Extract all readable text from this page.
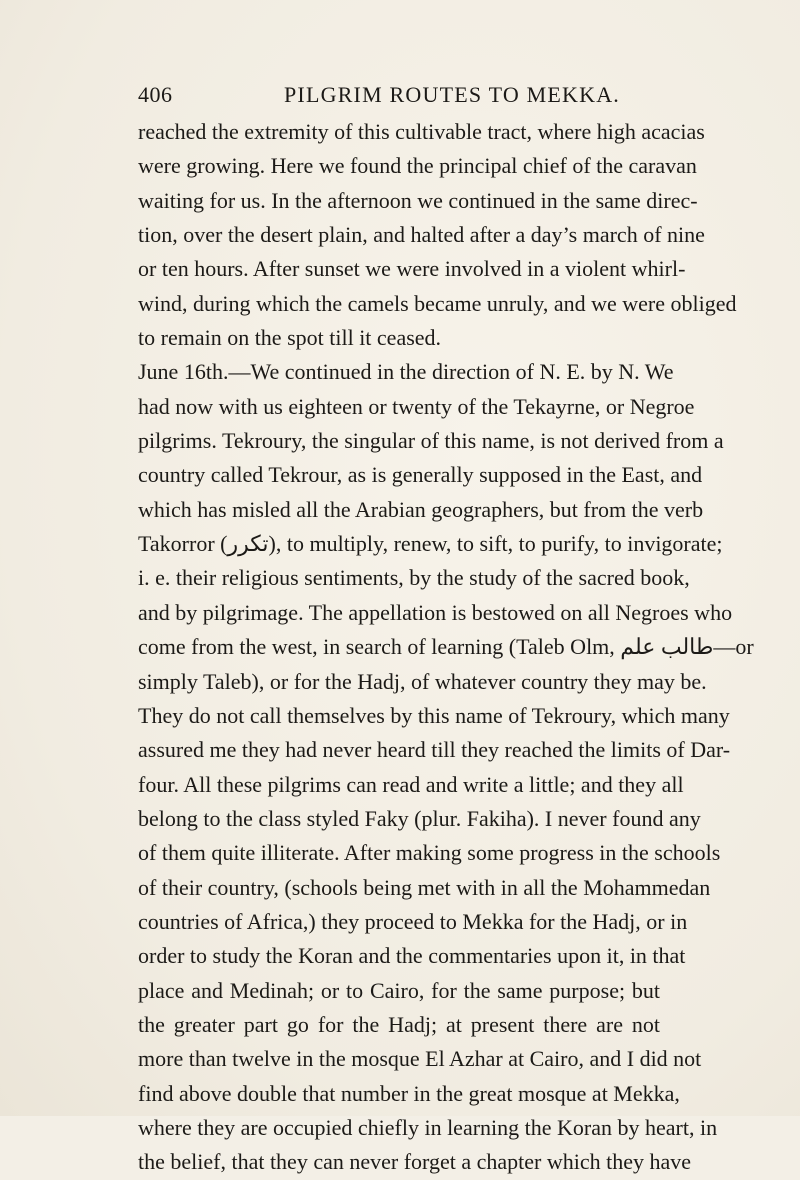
406	PILGRIM ROUTES TO MEKKA.
reached the extremity of this cultivable tract, where high acacias
were growing. Here we found the principal chief of the caravan
waiting for us. In the afternoon we continued in the same direc-
tion, over the desert plain, and halted after a day’s march of nine
or ten hours. After sunset we were involved in a violent whirl-
wind, during which the camels became unruly, and we were obliged
to remain on the spot till it ceased.
June 16th.—We continued in the direction of N. E. by N. We
had now with us eighteen or twenty of the Tekayrne, or Negroe
pilgrims. Tekroury, the singular of this name, is not derived from a
country called Tekrour, as is generally supposed in the East, and
which has misled all the Arabian geographers, but from the verb
Takorror (تكرر), to multiply, renew, to sift, to purify, to invigorate;
i. e. their religious sentiments, by the study of the sacred book,
and by pilgrimage. The appellation is bestowed on all Negroes who
come from the west, in search of learning (Taleb Olm, طالب علم—or
simply Taleb), or for the Hadj, of whatever country they may be.
They do not call themselves by this name of Tekroury, which many
assured me they had never heard till they reached the limits of Dar-
four. All these pilgrims can read and write a little; and they all
belong to the class styled Faky (plur. Fakiha). I never found any
of them quite illiterate. After making some progress in the schools
of their country, (schools being met with in all the Mohammedan
countries of Africa,) they proceed to Mekka for the Hadj, or in
order to study the Koran and the commentaries upon it, in that
place and Medinah; or to Cairo, for the same purpose; but
the greater part go for the Hadj; at present there are not
more than twelve in the mosque El Azhar at Cairo, and I did not
find above double that number in the great mosque at Mekka,
where they are occupied chiefly in learning the Koran by heart, in
the belief, that they can never forget a chapter which they have
